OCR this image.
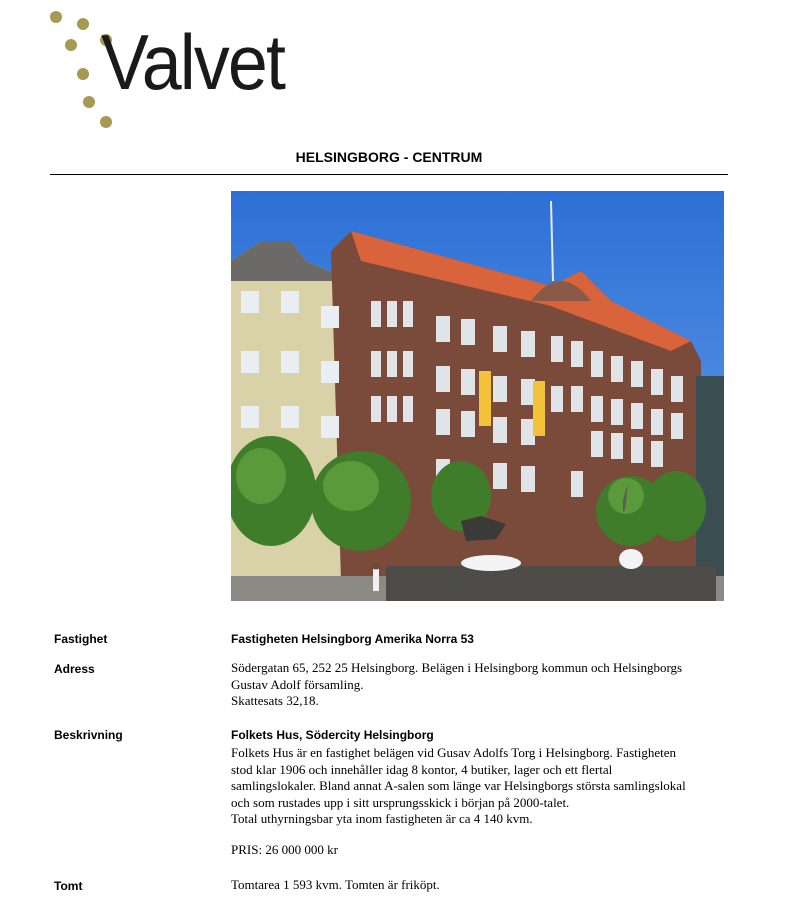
Valvet
HELSINGBORG - CENTRUM
Fastighet	Fastigheten Helsingborg Amerika Norra 53
Adress	Södergatan 65, 252 25 Helsingborg. Belägen i Helsingborg kommun och Helsingborgs
Gustav Adolf församling.
Skattesats 32,18.
Beskrivning	Folkets Hus, Södercity Helsingborg
Folkets Hus är en fastighet belägen vid Gusav Adolfs Torg i Helsingborg. Fastigheten
stod klar 1906 och innehåller idag 8 kontor, 4 butiker, lager och ett flertal
samlingslokaler. Bland annat A-salen som länge var Helsingborgs största samlingslokal
och som rustades upp i sitt ursprungsskick i början på 2000-talet.
Total uthyrningsbar yta inom fastigheten är ca 4 140 kvm.
PRIS: 26 000 000 kr
Tomt	Tomtarea 1 593 kvm. Tomten är friköpt.
